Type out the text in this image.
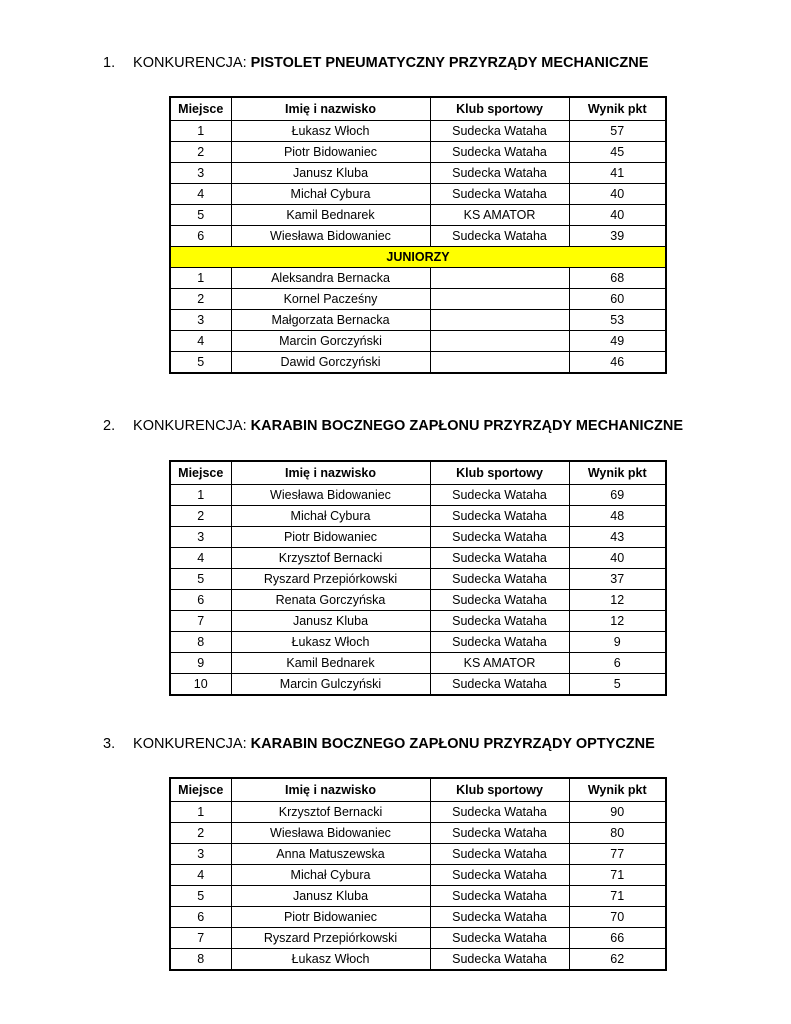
1. KONKURENCJA: PISTOLET PNEUMATYCZNY PRZYRZĄDY MECHANICZNE
Miejsce	Imię i nazwisko	Klub sportowy	Wynik pkt
1	Łukasz Włoch	Sudecka Wataha	57
2	Piotr Bidowaniec	Sudecka Wataha	45
3	Janusz Kluba	Sudecka Wataha	41
4	Michał Cybura	Sudecka Wataha	40
5	Kamil Bednarek	KS AMATOR	40
6	Wiesława Bidowaniec	Sudecka Wataha	39
JUNIORZY			
1	Aleksandra Bernacka		68
2	Kornel Pacześny		60
3	Małgorzata Bernacka		53
4	Marcin Gorczyński		49
5	Dawid Gorczyński		46
2. KONKURENCJA: KARABIN BOCZNEGO ZAPŁONU PRZYRZĄDY MECHANICZNE
Miejsce	Imię i nazwisko	Klub sportowy	Wynik pkt
1	Wiesława Bidowaniec	Sudecka Wataha	69
2	Michał Cybura	Sudecka Wataha	48
3	Piotr Bidowaniec	Sudecka Wataha	43
4	Krzysztof Bernacki	Sudecka Wataha	40
5	Ryszard Przepiórkowski	Sudecka Wataha	37
6	Renata Gorczyńska	Sudecka Wataha	12
7	Janusz Kluba	Sudecka Wataha	12
8	Łukasz Włoch	Sudecka Wataha	9
9	Kamil Bednarek	KS AMATOR	6
10	Marcin Gulczyński	Sudecka Wataha	5
3. KONKURENCJA: KARABIN BOCZNEGO ZAPŁONU PRZYRZĄDY OPTYCZNE
Miejsce	Imię i nazwisko	Klub sportowy	Wynik pkt
1	Krzysztof Bernacki	Sudecka Wataha	90
2	Wiesława Bidowaniec	Sudecka Wataha	80
3	Anna Matuszewska	Sudecka Wataha	77
4	Michał Cybura	Sudecka Wataha	71
5	Janusz Kluba	Sudecka Wataha	71
6	Piotr Bidowaniec	Sudecka Wataha	70
7	Ryszard Przepiórkowski	Sudecka Wataha	66
8	Łukasz Włoch	Sudecka Wataha	62
